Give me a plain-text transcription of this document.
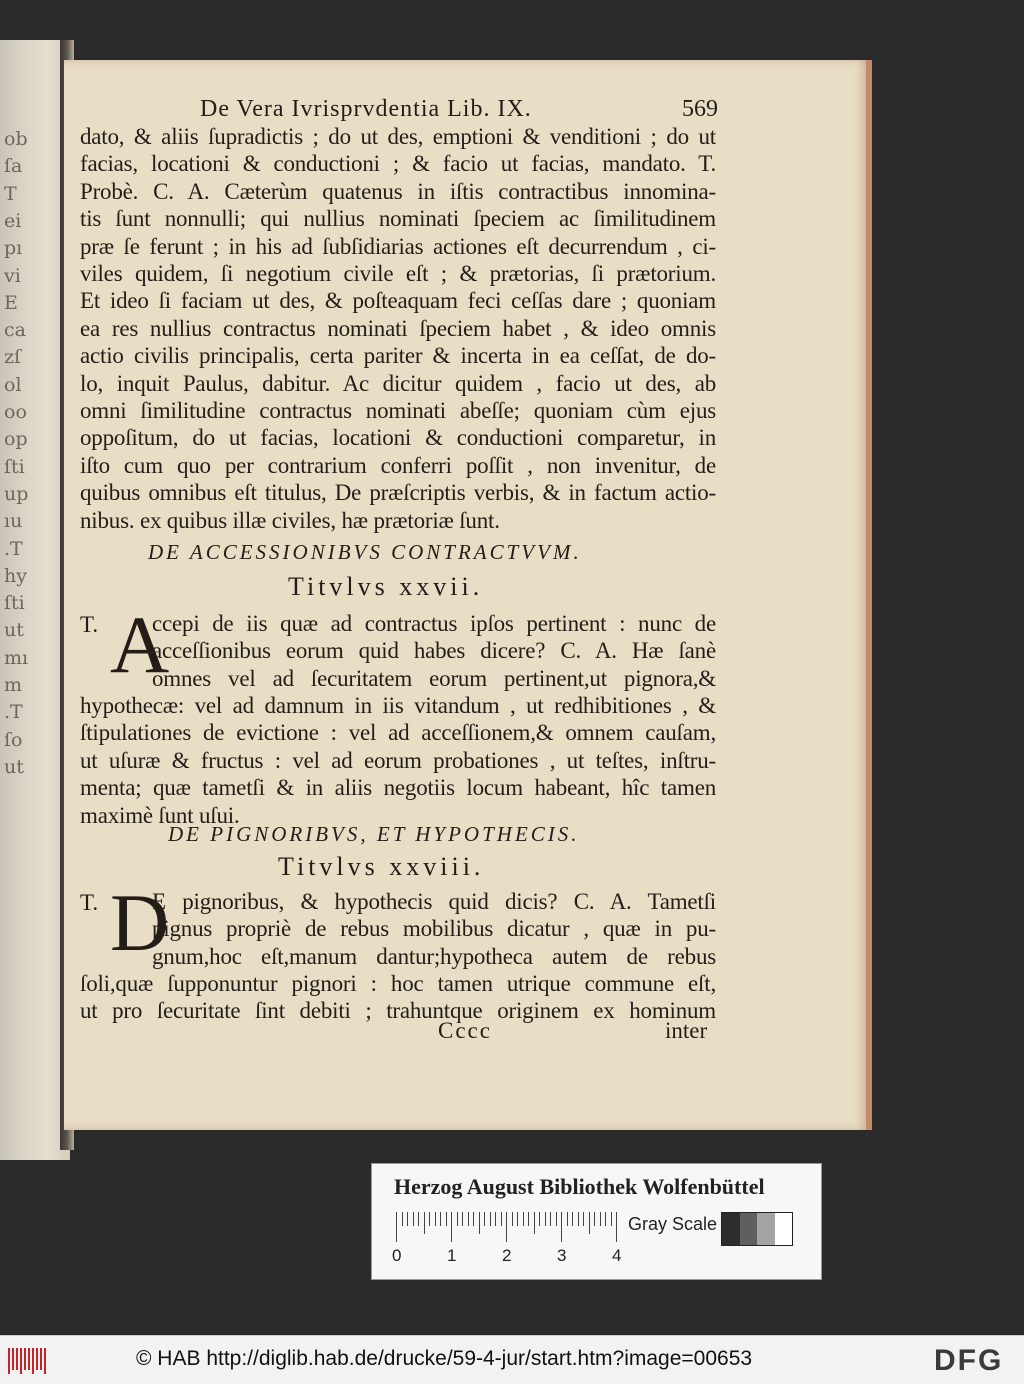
ob
ſa
T
ei
pı
vi
E
ca
zſ
ol
oo
op
ſti
up
ıu
.T
hy
ſti
ut
mı
m
.T
ſo
ut
De Vera Ivrisprvdentia Lib. IX.	569
dato, & aliis ſupradictis ; do ut des, emptioni & venditioni ; do ut
facias, locationi & conductioni ; & facio ut facias, mandato. T.
Probè. C. A. Cæterùm quatenus in iſtis contractibus innomina-
tis ſunt nonnulli; qui nullius nominati ſpeciem ac ſimilitudinem
præ ſe ferunt ; in his ad ſubſidiarias actiones eſt decurrendum , ci-
viles quidem, ſi negotium civile eſt ; & prætorias, ſi prætorium.
Et ideo ſi faciam ut des, & poſteaquam feci ceſſas dare ; quoniam
ea res nullius contractus nominati ſpeciem habet , & ideo omnis
actio civilis principalis, certa pariter & incerta in ea ceſſat, de do-
lo, inquit Paulus, dabitur. Ac dicitur quidem , facio ut des, ab
omni ſimilitudine contractus nominati abeſſe; quoniam cùm ejus
oppoſitum, do ut facias, locationi & conductioni comparetur, in
iſto cum quo per contrarium conferri poſſit , non invenitur, de
quibus omnibus eſt titulus, De præſcriptis verbis, & in factum actio-
nibus. ex quibus illæ civiles, hæ prætoriæ ſunt.
DE ACCESSIONIBVS CONTRACTVVM.
Titvlvs xxvii.
T. A
ccepi de iis quæ ad contractus ipſos pertinent : nunc de
acceſſionibus eorum quid habes dicere? C. A. Hæ ſanè
omnes vel ad ſecuritatem eorum pertinent,ut pignora,&
hypothecæ: vel ad damnum in iis vitandum , ut redhibitiones , &
ſtipulationes de evictione : vel ad acceſſionem,& omnem cauſam,
ut uſuræ & fructus : vel ad eorum probationes , ut teſtes, inſtru-
menta; quæ tametſi & in aliis negotiis locum habeant, hîc tamen
maximè ſunt uſui.
DE PIGNORIBVS, ET HYPOTHECIS.
Titvlvs xxviii.
T. D
E pignoribus, & hypothecis quid dicis? C. A. Tametſi
pignus propriè de rebus mobilibus dicatur , quæ in pu-
gnum,hoc eſt,manum dantur;hypotheca autem de rebus
ſoli,quæ ſupponuntur pignori : hoc tamen utrique commune eſt,
ut pro ſecuritate ſint debiti ; trahuntque originem ex hominum
Cccc	inter
Herzog August Bibliothek Wolfenbüttel
0	1	2	3	4
Gray Scale
© HAB http://diglib.hab.de/drucke/59-4-jur/start.htm?image=00653	DFG
